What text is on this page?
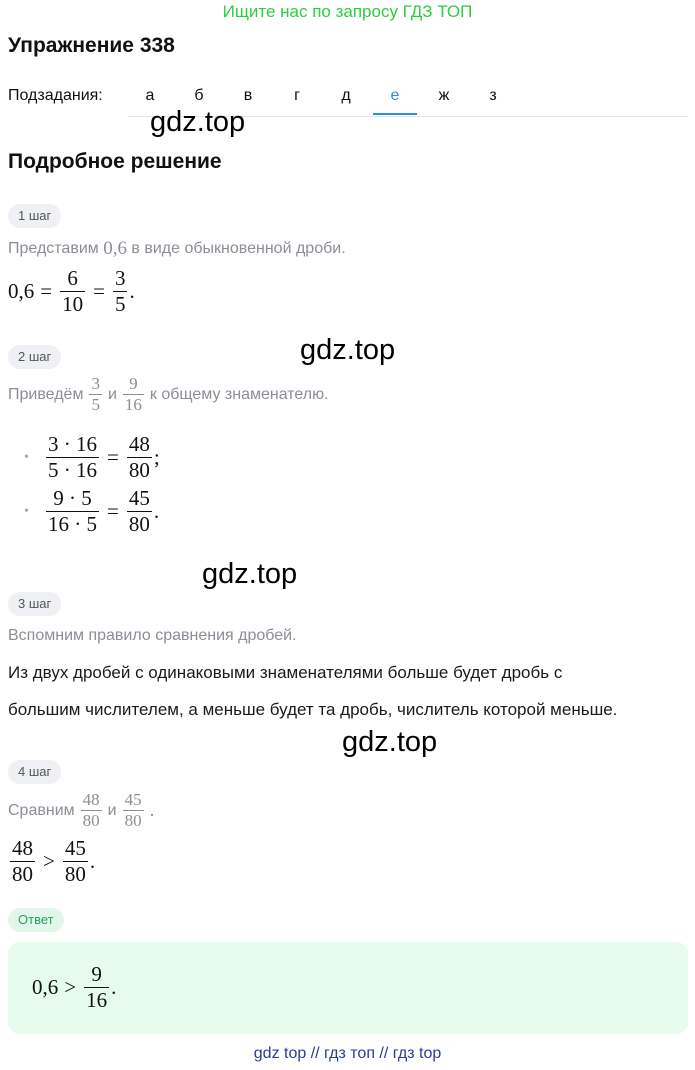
Ищите нас по запросу ГДЗ ТОП
Упражнение 338
Подзадания:	а	б	в	г	д	е	ж	з
gdz.top
Подробное решение
1 шаг
Представим
0,6
в виде обыкновенной дроби.
$0,6 = \frac{6}{10} = \frac{3}{5}$ .
gdz.top
2 шаг
Приведём $\frac{3}{5}$ и $\frac{9}{16}$ к общему знаменателю.
• $\frac{3 \cdot 16}{5 \cdot 16} = \frac{48}{80}$ ;
• $\frac{9 \cdot 5}{16 \cdot 5} = \frac{45}{80}$ .
gdz.top
3 шаг
Вспомним правило сравнения дробей.
Из двух дробей с одинаковыми знаменателями больше будет дробь с
большим числителем, а меньше будет та дробь, числитель которой меньше.
gdz.top
4 шаг
Сравним $\frac{48}{80}$ и $\frac{45}{80}$ .
$\frac{48}{80} > \frac{45}{80}$ .
Ответ
$0,6 > \frac{9}{16}$ .
gdz top // гдз топ // гдз top
